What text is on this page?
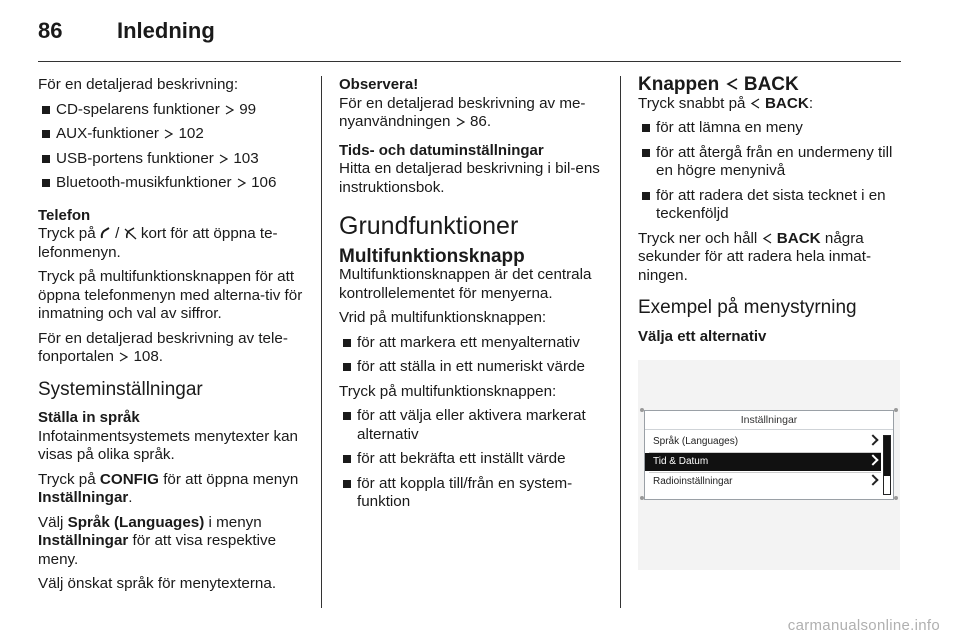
86 Inledning

För en detaljerad beskrivning:

CD-spelarens funktioner 99
AUX-funktioner 102
USB-portens funktioner 103
Bluetooth-musikfunktioner 106
Telefon

Tryck på / kort för att öppna te-lefonmenyn.

Tryck på multifunktionsknappen för att öppna telefonmenyn med alterna-tiv för inmatning och val av siffror.

För en detaljerad beskrivning av tele-fonportalen 108.

Systeminställningar
Ställa in språk

Infotainmentsystemets menytexter kan visas på olika språk.

Tryck på CONFIG för att öppna menyn Inställningar.

Välj Språk (Languages) i menyn Inställningar för att visa respektive meny.

Välj önskat språk för menytexterna.

Observera!

För en detaljerad beskrivning av me-nyanvändningen 86.

Tids- och datuminställningar

Hitta en detaljerad beskrivning i bil-ens instruktionsbok.

Grundfunktioner
Multifunktionsknapp

Multifunktionsknappen är det centrala kontrollelementet för menyerna.

Vrid på multifunktionsknappen:

för att markera ett menyalternativ
för att ställa in ett numeriskt värde

Tryck på multifunktionsknappen:

för att välja eller aktivera markerat alternativ
för att bekräfta ett inställt värde
för att koppla till/från en system-funktion
Knappen BACK

Tryck snabbt på BACK:

för att lämna en meny
för att återgå från en undermeny till en högre menynivå
för att radera det sista tecknet i en teckenföljd

Tryck ner och håll BACK några sekunder för att radera hela inmat-ningen.

Exempel på menystyrning
Välja ett alternativ
Inställningar
Språk (Languages)
Tid & Datum
Radioinställningar
carmanualsonline.info
